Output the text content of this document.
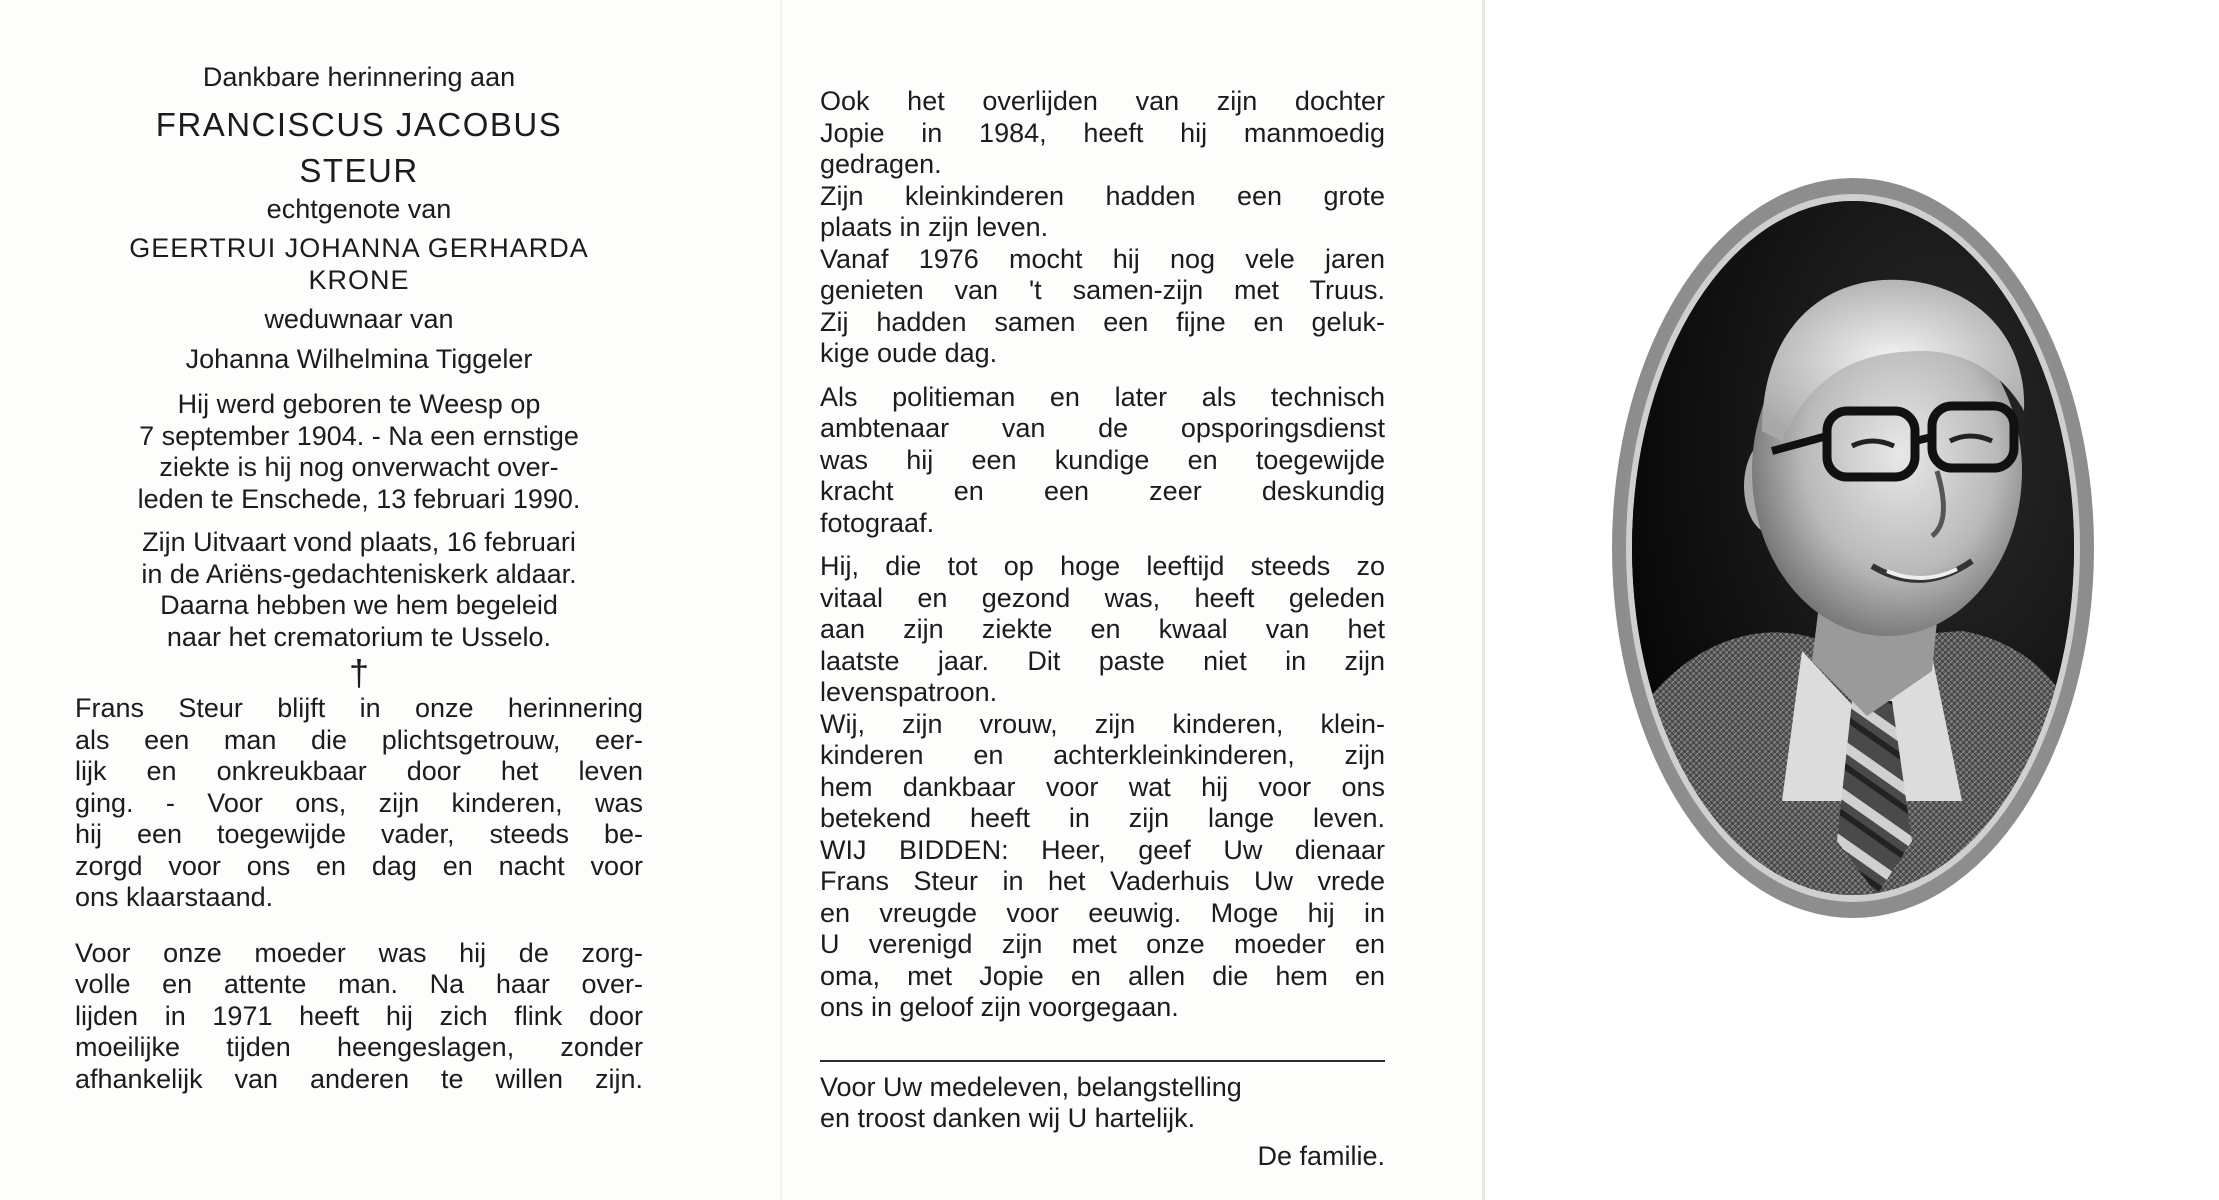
Dankbare herinnering aan

FRANCISCUS JACOBUS

STEUR

echtgenote van

GEERTRUI JOHANNA GERHARDA

KRONE

weduwnaar van

Johanna Wilhelmina Tiggeler

Hij werd geboren te Weesp op

7 september 1904. - Na een ernstige

ziekte is hij nog onverwacht over-

leden te Enschede, 13 februari 1990.

Zijn Uitvaart vond plaats, 16 februari

in de Ariëns-gedachteniskerk aldaar.

Daarna hebben we hem begeleid

naar het crematorium te Usselo.

†

Frans Steur blijft in onze herinnering

als een man die plichtsgetrouw, eer-

lijk en onkreukbaar door het leven

ging. - Voor ons, zijn kinderen, was

hij een toegewijde vader, steeds be-

zorgd voor ons en dag en nacht voor

ons klaarstaand.

Voor onze moeder was hij de zorg-

volle en attente man. Na haar over-

lijden in 1971 heeft hij zich flink door

moeilijke tijden heengeslagen, zonder

afhankelijk van anderen te willen zijn.

Ook het overlijden van zijn dochter

Jopie in 1984, heeft hij manmoedig

gedragen.

Zijn kleinkinderen hadden een grote

plaats in zijn leven.

Vanaf 1976 mocht hij nog vele jaren

genieten van 't samen-zijn met Truus.

Zij hadden samen een fijne en geluk-

kige oude dag.

Als politieman en later als technisch

ambtenaar van de opsporingsdienst

was hij een kundige en toegewijde

kracht en een zeer deskundig

fotograaf.

Hij, die tot op hoge leeftijd steeds zo

vitaal en gezond was, heeft geleden

aan zijn ziekte en kwaal van het

laatste jaar. Dit paste niet in zijn

levenspatroon.

Wij, zijn vrouw, zijn kinderen, klein-

kinderen en achterkleinkinderen, zijn

hem dankbaar voor wat hij voor ons

betekend heeft in zijn lange leven.

WIJ BIDDEN: Heer, geef Uw dienaar

Frans Steur in het Vaderhuis Uw vrede

en vreugde voor eeuwig. Moge hij in

U verenigd zijn met onze moeder en

oma, met Jopie en allen die hem en

ons in geloof zijn voorgegaan.

Voor Uw medeleven, belangstelling

en troost danken wij U hartelijk.

De familie.
